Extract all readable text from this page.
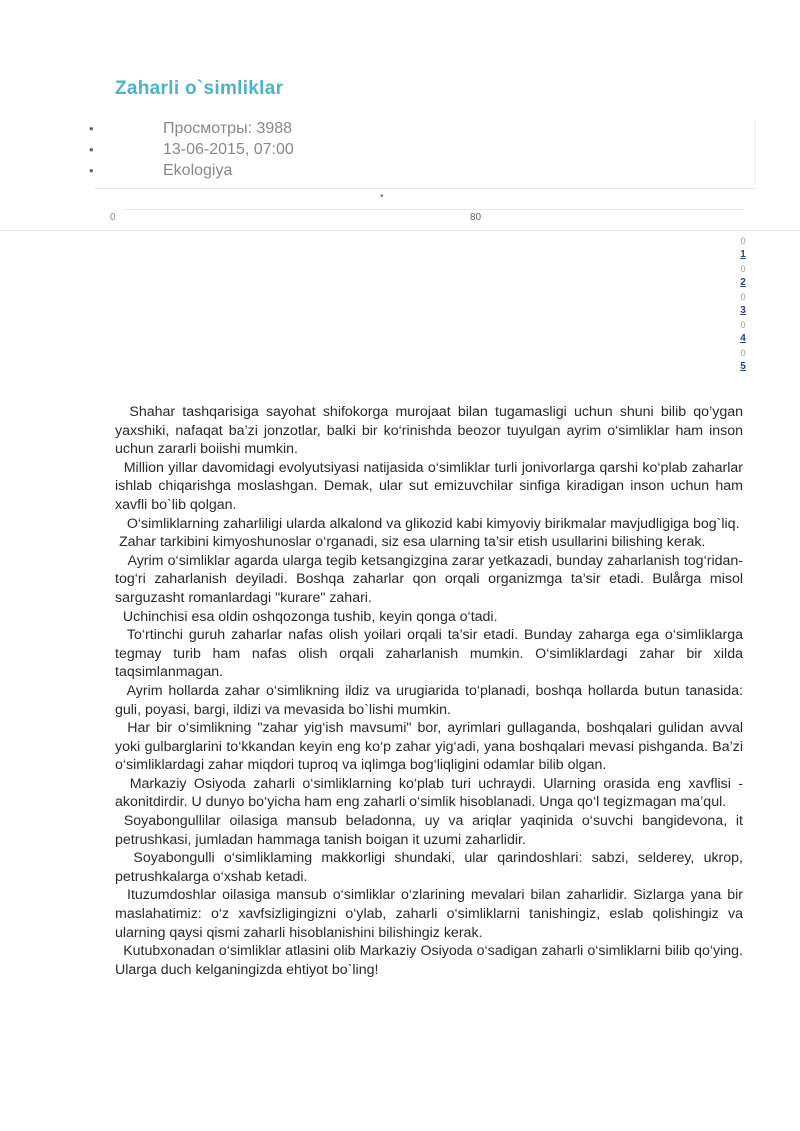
Zaharli o`simliklar
•	Просмотры: 3988
•	13-06-2015, 07:00
•	Ekologiya
•
0	80
0
1
0
2
0
3
0
4
0
5

Shahar tashqarisiga sayohat shifokorga murojaat bilan tugamasligi uchun shuni bilib qo’ygan yaxshiki, nafaqat ba’zi jonzotlar, balki bir ko‘rinishda beozor tuyulgan ayrim o‘simliklar ham inson uchun zararli boiishi mumkin.

Million yillar davomidagi evolyutsiyasi natijasida o‘simliklar turli jonivorlarga qarshi ko‘plab zaharlar ishlab chiqarishga moslashgan. Demak, ular sut emizuvchilar sinfiga kiradigan inson uchun ham xavfli bo`lib qolgan.

O‘simliklarning zaharliligi ularda alkalond va glikozid kabi kimyoviy birikmalar mavjudligiga bog`liq.

Zahar tarkibini kimyoshunoslar o‘rganadi, siz esa ularning ta’sir etish usullarini bilishing kerak.

Ayrim o‘simliklar agarda ularga tegib ketsangizgina zarar yetkazadi, bunday zaharlanish tog‘ridan-tog‘ri zaharlanish deyiladi. Boshqa zaharlar qon orqali organizmga ta’sir etadi. Bulårga misol sarguzasht romanlardagi "kurare" zahari.

Uchinchisi esa oldin oshqozonga tushib, keyin qonga o‘tadi.

To‘rtinchi guruh zaharlar nafas olish yoilari orqali ta’sir etadi. Bunday zaharga ega o‘simliklarga tegmay turib ham nafas olish orqali zaharlanish mumkin. O‘simliklardagi zahar bir xilda taqsimlanmagan.

Ayrim hollarda zahar o‘simlikning ildiz va urugiarida to‘planadi, boshqa hollarda butun tanasida: guli, poyasi, bargi, ildizi va mevasida bo`lishi mumkin.

Har bir o‘simlikning "zahar yig‘ish mavsumi" bor, ayrimlari gullaganda, boshqalari gulidan avval yoki gulbarglarini to‘kkandan keyin eng ko‘p zahar yig‘adi, yana boshqalari mevasi pishganda. Ba’zi o‘simliklardagi zahar miqdori tuproq va iqlimga bog‘liqligini odamlar bilib olgan.

Markaziy Osiyoda zaharli o‘simliklarning ko‘plab turi uchraydi. Ularning orasida eng xavflisi - akonitdirdir. U dunyo bo‘yicha ham eng zaharli o‘simlik hisoblanadi. Unga qo‘l tegizmagan ma’qul.

Soyabongullilar oilasiga mansub beladonna, uy va ariqlar yaqinida o‘suvchi bangidevona, it petrushkasi, jumladan hammaga tanish boigan it uzumi zaharlidir.

Soyabongulli o‘simliklaming makkorligi shundaki, ular qarindoshlari: sabzi, selderey, ukrop, petrushkalarga o‘xshab ketadi.

Ituzumdoshlar oilasiga mansub o‘simliklar o‘zlarining mevalari bilan zaharlidir. Sizlarga yana bir maslahatimiz: o‘z xavfsizligingizni o‘ylab, zaharli o‘simliklarni tanishingiz, eslab qolishingiz va ularning qaysi qismi zaharli hisoblanishini bilishingiz kerak.

Kutubxonadan o‘simliklar atlasini olib Markaziy Osiyoda o‘sadigan zaharli o‘simliklarni bilib qo‘ying. Ularga duch kelganingizda ehtiyot bo`ling!
